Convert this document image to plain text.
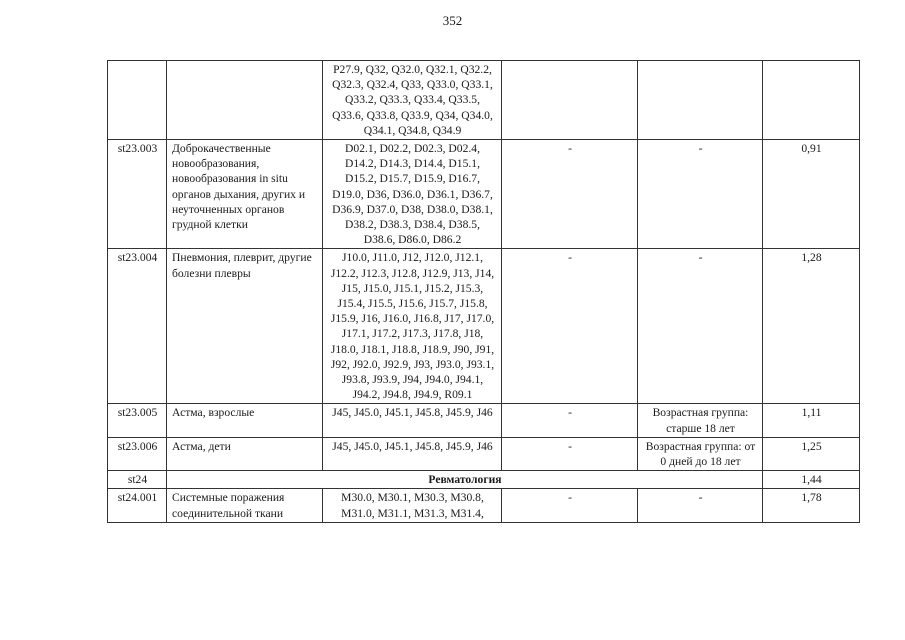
352
		P27.9, Q32, Q32.0, Q32.1, Q32.2, Q32.3, Q32.4, Q33, Q33.0, Q33.1, Q33.2, Q33.3, Q33.4, Q33.5, Q33.6, Q33.8, Q33.9, Q34, Q34.0, Q34.1, Q34.8, Q34.9			
st23.003	Доброкачественные новообразования, новообразования in situ органов дыхания, других и неуточненных органов грудной клетки	D02.1, D02.2, D02.3, D02.4, D14.2, D14.3, D14.4, D15.1, D15.2, D15.7, D15.9, D16.7, D19.0, D36, D36.0, D36.1, D36.7, D36.9, D37.0, D38, D38.0, D38.1, D38.2, D38.3, D38.4, D38.5, D38.6, D86.0, D86.2	-	-	0,91
st23.004	Пневмония, плеврит, другие болезни плевры	J10.0, J11.0, J12, J12.0, J12.1, J12.2, J12.3, J12.8, J12.9, J13, J14, J15, J15.0, J15.1, J15.2, J15.3, J15.4, J15.5, J15.6, J15.7, J15.8, J15.9, J16, J16.0, J16.8, J17, J17.0, J17.1, J17.2, J17.3, J17.8, J18, J18.0, J18.1, J18.8, J18.9, J90, J91, J92, J92.0, J92.9, J93, J93.0, J93.1, J93.8, J93.9, J94, J94.0, J94.1, J94.2, J94.8, J94.9, R09.1	-	-	1,28
st23.005	Астма, взрослые	J45, J45.0, J45.1, J45.8, J45.9, J46	-	Возрастная группа: старше 18 лет	1,11
st23.006	Астма, дети	J45, J45.0, J45.1, J45.8, J45.9, J46	-	Возрастная группа: от 0 дней до 18 лет	1,25
st24	Ревматология				1,44
st24.001	Системные поражения соединительной ткани	M30.0, M30.1, M30.3, M30.8, M31.0, M31.1, M31.3, M31.4,	-	-	1,78
